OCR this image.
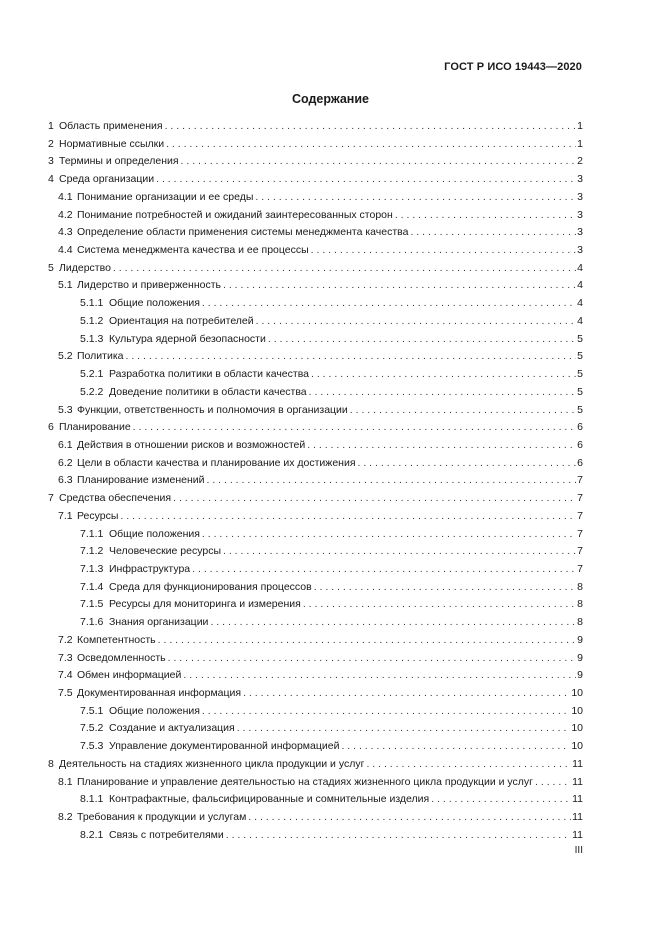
ГОСТ Р ИСО 19443—2020
Содержание
1 Область применения . . .	1
2 Нормативные ссылки . . .	1
3 Термины и определения . . .	2
4 Среда организации . . .	3
4.1 Понимание организации и ее среды . . .	3
4.2 Понимание потребностей и ожиданий заинтересованных сторон . . .	3
4.3 Определение области применения системы менеджмента качества . . .	3
4.4 Система менеджмента качества и ее процессы . . .	3
5 Лидерство . . .	4
5.1 Лидерство и приверженность . . .	4
5.1.1 Общие положения . . .	4
5.1.2 Ориентация на потребителей . . .	4
5.1.3 Культура ядерной безопасности . . .	5
5.2 Политика . . .	5
5.2.1 Разработка политики в области качества . . .	5
5.2.2 Доведение политики в области качества . . .	5
5.3 Функции, ответственность и полномочия в организации . . .	5
6 Планирование . . .	6
6.1 Действия в отношении рисков и возможностей . . .	6
6.2 Цели в области качества и планирование их достижения . . .	6
6.3 Планирование изменений . . .	7
7 Средства обеспечения . . .	7
7.1 Ресурсы . . .	7
7.1.1 Общие положения . . .	7
7.1.2 Человеческие ресурсы . . .	7
7.1.3 Инфраструктура . . .	7
7.1.4 Среда для функционирования процессов . . .	8
7.1.5 Ресурсы для мониторинга и измерения . . .	8
7.1.6 Знания организации . . .	8
7.2 Компетентность . . .	9
7.3 Осведомленность . . .	9
7.4 Обмен информацией . . .	9
7.5 Документированная информация . . .	10
7.5.1 Общие положения . . .	10
7.5.2 Создание и актуализация . . .	10
7.5.3 Управление документированной информацией . . .	10
8 Деятельность на стадиях жизненного цикла продукции и услуг . . .	11
8.1 Планирование и управление деятельностью на стадиях жизненного цикла продукции и услуг . . .	11
8.1.1 Контрафактные, фальсифицированные и сомнительные изделия . . .	11
8.2 Требования к продукции и услугам . . .	11
8.2.1 Связь с потребителями . . .	11
III
